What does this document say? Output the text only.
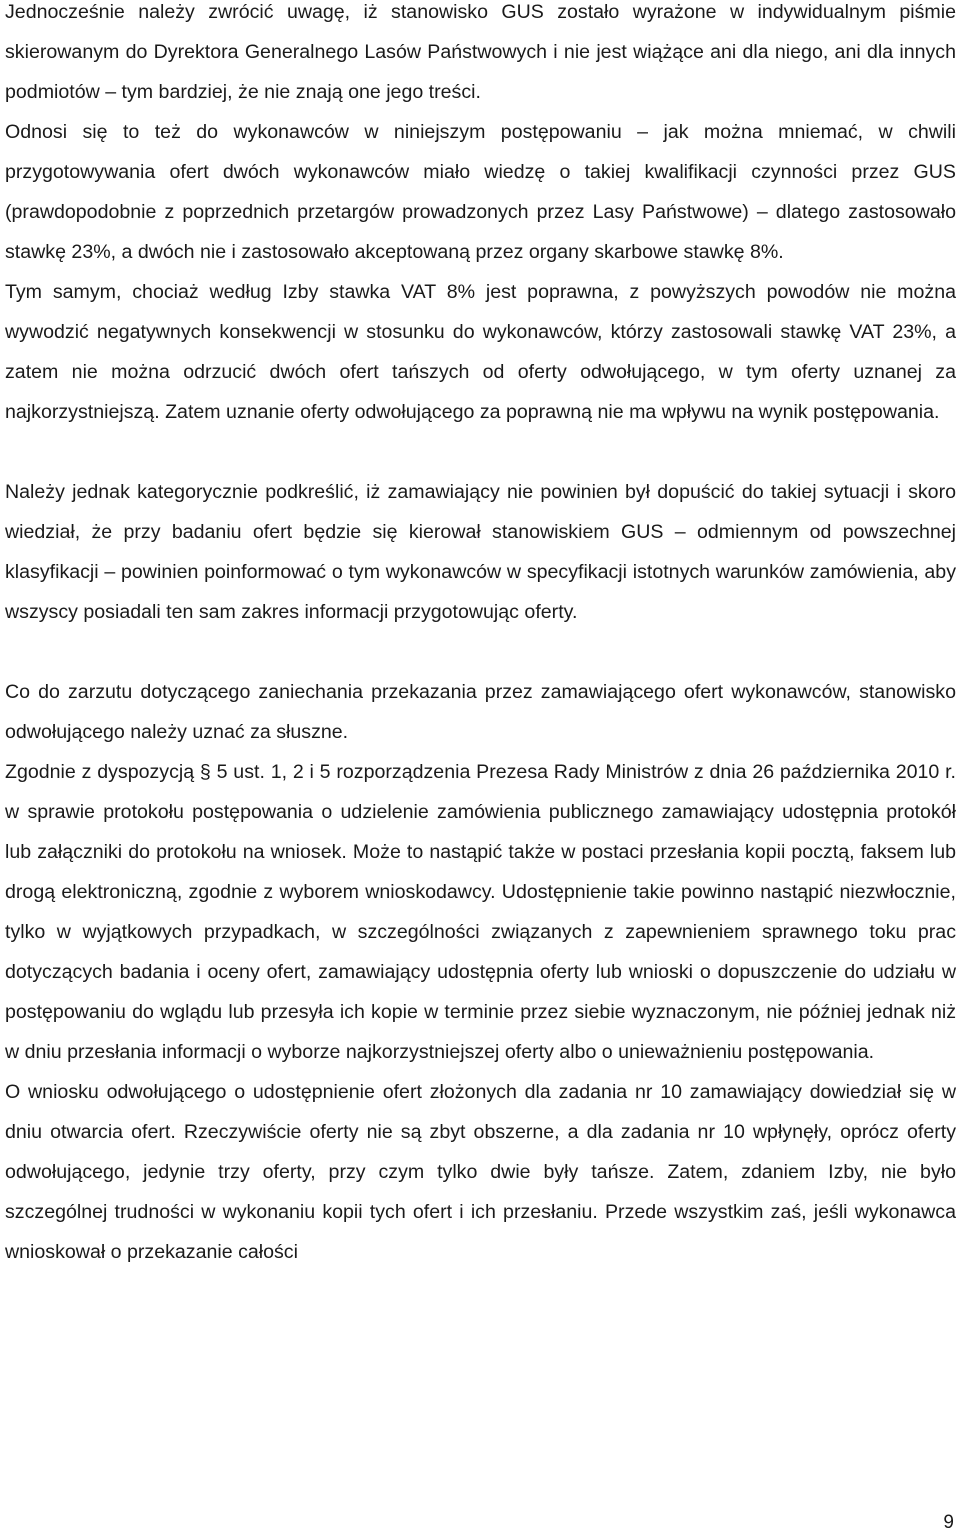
Jednocześnie należy zwrócić uwagę, iż stanowisko GUS zostało wyrażone w indywidualnym piśmie skierowanym do Dyrektora Generalnego Lasów Państwowych i nie jest wiążące ani dla niego, ani dla innych podmiotów – tym bardziej, że nie znają one jego treści.

Odnosi się to też do wykonawców w niniejszym postępowaniu – jak można mniemać, w chwili przygotowywania ofert dwóch wykonawców miało wiedzę o takiej kwalifikacji czynności przez GUS (prawdopodobnie z poprzednich przetargów prowadzonych przez Lasy Państwowe) – dlatego zastosowało stawkę 23%, a dwóch nie i zastosowało akceptowaną przez organy skarbowe stawkę 8%.

Tym samym, chociaż według Izby stawka VAT 8% jest poprawna, z powyższych powodów nie można wywodzić negatywnych konsekwencji w stosunku do wykonawców, którzy zastosowali stawkę VAT 23%, a zatem nie można odrzucić dwóch ofert tańszych od oferty odwołującego, w tym oferty uznanej za najkorzystniejszą. Zatem uznanie oferty odwołującego za poprawną nie ma wpływu na wynik postępowania.

Należy jednak kategorycznie podkreślić, iż zamawiający nie powinien był dopuścić do takiej sytuacji i skoro wiedział, że przy badaniu ofert będzie się kierował stanowiskiem GUS – odmiennym od powszechnej klasyfikacji – powinien poinformować o tym wykonawców w specyfikacji istotnych warunków zamówienia, aby wszyscy posiadali ten sam zakres informacji przygotowując oferty.

Co do zarzutu dotyczącego zaniechania przekazania przez zamawiającego ofert wykonawców, stanowisko odwołującego należy uznać za słuszne.

Zgodnie z dyspozycją § 5 ust. 1, 2 i 5 rozporządzenia Prezesa Rady Ministrów z dnia 26 października 2010 r. w sprawie protokołu postępowania o udzielenie zamówienia publicznego zamawiający udostępnia protokół lub załączniki do protokołu na wniosek. Może to nastąpić także w postaci przesłania kopii pocztą, faksem lub drogą elektroniczną, zgodnie z wyborem wnioskodawcy. Udostępnienie takie powinno nastąpić niezwłocznie, tylko w wyjątkowych przypadkach, w szczególności związanych z zapewnieniem sprawnego toku prac dotyczących badania i oceny ofert, zamawiający udostępnia oferty lub wnioski o dopuszczenie do udziału w postępowaniu do wglądu lub przesyła ich kopie w terminie przez siebie wyznaczonym, nie później jednak niż w dniu przesłania informacji o wyborze najkorzystniejszej oferty albo o unieważnieniu postępowania.

O wniosku odwołującego o udostępnienie ofert złożonych dla zadania nr 10 zamawiający dowiedział się w dniu otwarcia ofert. Rzeczywiście oferty nie są zbyt obszerne, a dla zadania nr 10 wpłynęły, oprócz oferty odwołującego, jedynie trzy oferty, przy czym tylko dwie były tańsze. Zatem, zdaniem Izby, nie było szczególnej trudności w wykonaniu kopii tych ofert i ich przesłaniu. Przede wszystkim zaś, jeśli wykonawca wnioskował o przekazanie całości

9
